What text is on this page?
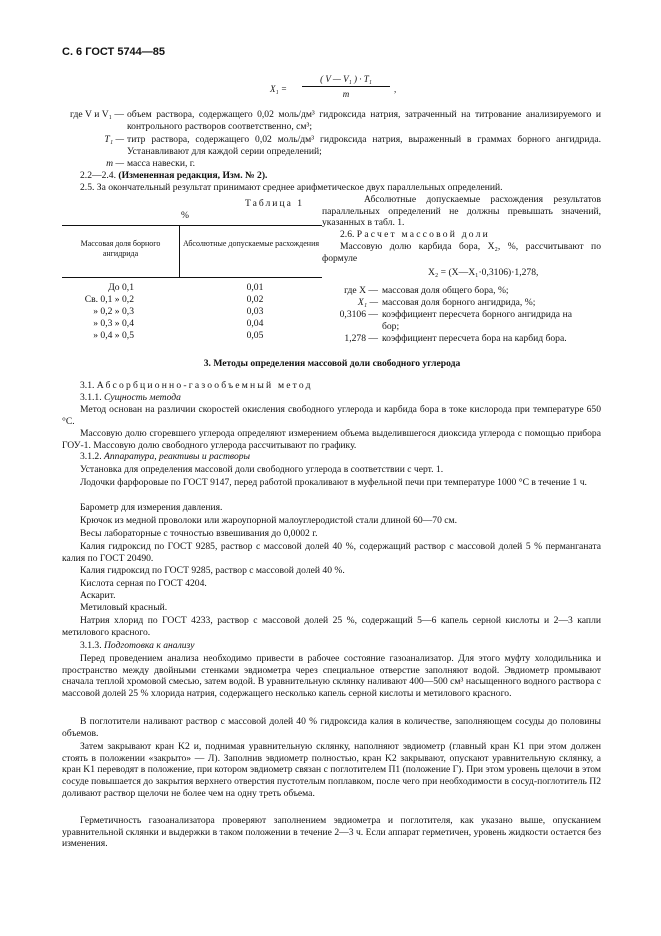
С. 6 ГОСТ 5744—85
X₁ =
( V — V₁ ) · T₁
m	,
где V и V₁ — объем раствора, содержащего 0,02 моль/дм³ гидроксида натрия, затраченный на титрование анализируемого и контрольного растворов соответственно, см³;
T₁ — титр раствора, содержащего 0,02 моль/дм³ гидроксида натрия, выраженный в граммах борного ангидрида. Устанавливают для каждой серии определений;
m — масса навески, г.
2.2—2.4. (Измененная редакция, Изм. № 2).
2.5. За окончательный результат принимают среднее арифметическое двух параллельных определений.
Абсолютные допускаемые расхождения результатов параллельных определений не должны превышать значений, указанных в табл. 1.
2.6. Расчет массовой доли
Массовую долю карбида бора, X₂, %, рассчитывают по формуле
X₂ = (X—X₁·0,3106)·1,278,
где X — массовая доля общего бора, %;
X₁ — массовая доля борного ангидрида, %;
0,3106 — коэффициент пересчета борного ангидрида на бор;
1,278 — коэффициент пересчета бора на карбид бора.
Таблица 1
%
Массовая доля борного ангидрида
Абсолютные допускаемые расхождения
До 0,1	0,01
Св. 0,1 » 0,2	0,02
» 0,2 » 0,3	0,03
» 0,3 » 0,4	0,04
» 0,4 » 0,5	0,05
3. Методы определения массовой доли свободного углерода
3.1. Абсорбционно-газообъемный метод
3.1.1. Сущность метода
Метод основан на различии скоростей окисления свободного углерода и карбида бора в токе кислорода при температуре 650 °С.
Массовую долю сгоревшего углерода определяют измерением объема выделившегося диоксида углерода с помощью прибора ГОУ-1. Массовую долю свободного углерода рассчитывают по графику.
3.1.2. Аппаратура, реактивы и растворы
Установка для определения массовой доли свободного углерода в соответствии с черт. 1.
Лодочки фарфоровые по ГОСТ 9147, перед работой прокаливают в муфельной печи при температуре 1000 °С в течение 1 ч.
Барометр для измерения давления.
Крючок из медной проволоки или жароупорной малоуглеродистой стали длиной 60—70 см.
Весы лабораторные с точностью взвешивания до 0,0002 г.
Калия гидроксид по ГОСТ 9285, раствор с массовой долей 40 %, содержащий раствор с массовой долей 5 % перманганата калия по ГОСТ 20490.
Калия гидроксид по ГОСТ 9285, раствор с массовой долей 40 %.
Кислота серная по ГОСТ 4204.
Аскарит.
Метиловый красный.
Натрия хлорид по ГОСТ 4233, раствор с массовой долей 25 %, содержащий 5—6 капель серной кислоты и 2—3 капли метилового красного.
3.1.3. Подготовка к анализу
Перед проведением анализа необходимо привести в рабочее состояние газоанализатор. Для этого муфту холодильника и пространство между двойными стенками эвдиометра через специальное отверстие заполняют водой. Эвдиометр промывают сначала теплой хромовой смесью, затем водой. В уравнительную склянку наливают 400—500 см³ насыщенного водного раствора с массовой долей 25 % хлорида натрия, содержащего несколько капель серной кислоты и метилового красного.
В поглотители наливают раствор с массовой долей 40 % гидроксида калия в количестве, заполняющем сосуды до половины объемов.
Затем закрывают кран K2 и, поднимая уравнительную склянку, наполняют эвдиометр (главный кран K1 при этом должен стоять в положении «закрыто» — Л). Заполнив эвдиометр полностью, кран K2 закрывают, опускают уравнительную склянку, а кран K1 переводят в положение, при котором эвдиометр связан с поглотителем П1 (положение Г). При этом уровень щелочи в этом сосуде повышается до закрытия верхнего отверстия пустотелым поплавком, после чего при необходимости в сосуд-поглотитель П2 доливают раствор щелочи не более чем на одну треть объема.
Герметичность газоанализатора проверяют заполнением эвдиометра и поглотителя, как указано выше, опусканием уравнительной склянки и выдержки в таком положении в течение 2—3 ч. Если аппарат герметичен, уровень жидкости остается без изменения.
